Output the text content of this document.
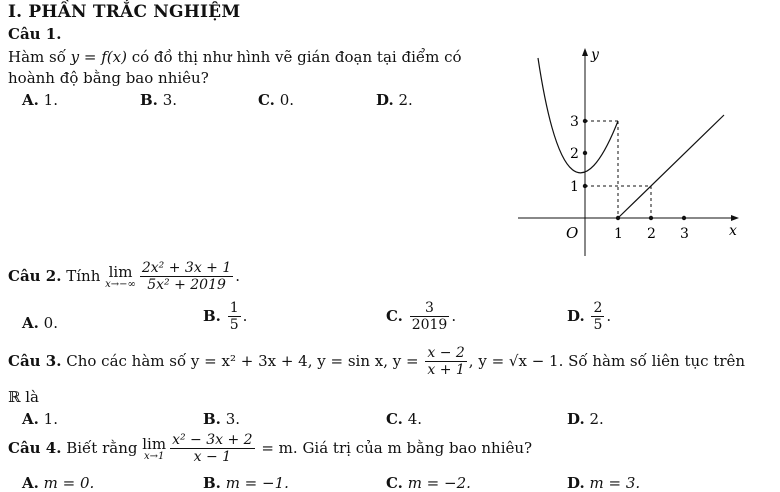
I. PHẦN TRẮC NGHIỆM
Câu 1.
Hàm số y = f(x) có đồ thị như hình vẽ gián đoạn tại điểm có
hoành độ bằng bao nhiêu?
A. 1.	B. 3.	C. 0.	D. 2.
y
x
O	1 2 3
1
2
3
Câu 2. Tính lim
$x\to-\infty \frac{\text{2x² + 3x + 1}}{\text{5x² + 2019}}$ .
A. 0.	B. $\frac{1}{5}$ .	C. $\frac{3}{2019}$ .	D. $\frac{2}{5}$ .
Câu 3. Cho các hàm số y = x² + 3x + 4, y = sin x, $y = \frac{x - 2}{x + 1}$ , y = √x − 1. Số hàm số liên tục trên
ℝ là
A. 1.	B. 3.	C. 4.	D. 2.
Câu 4. Biết rằng lim
$x\to 1 \frac{\text{x² − 3x + 2}}{x - 1} = m$. Giá trị của m bằng bao nhiêu?
A. m = 0.	B. m = −1.	C. m = −2.	D. m = 3.
